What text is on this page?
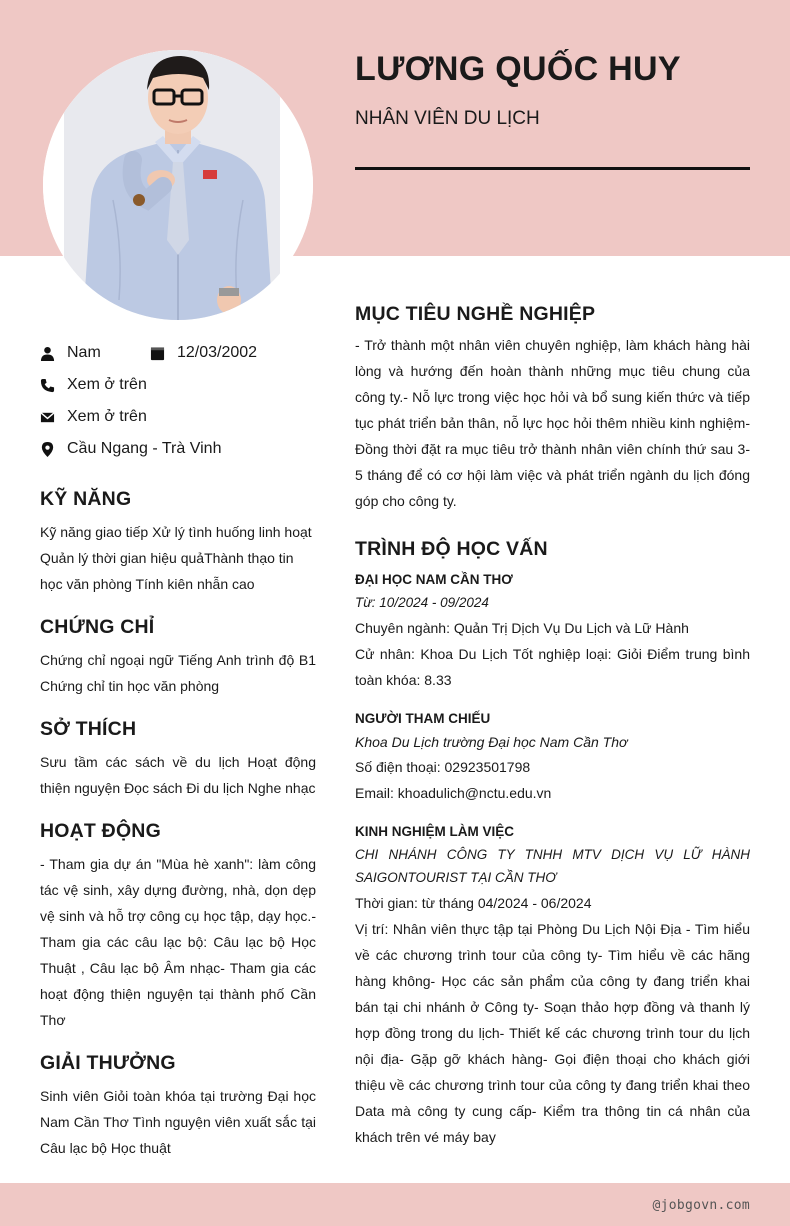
LƯƠNG QUỐC HUY
NHÂN VIÊN DU LỊCH
Nam	12/03/2002
Xem ở trên
Xem ở trên
Cầu Ngang - Trà Vinh
KỸ NĂNG
Kỹ năng giao tiếp Xử lý tình huống linh hoạt Quản lý thời gian hiệu quảThành thạo tin học văn phòng Tính kiên nhẫn cao
CHỨNG CHỈ
Chứng chỉ ngoại ngữ Tiếng Anh trình độ B1 Chứng chỉ tin học văn phòng
SỞ THÍCH
Sưu tầm các sách về du lịch Hoạt động thiện nguyện Đọc sách Đi du lịch Nghe nhạc
HOẠT ĐỘNG
- Tham gia dự án "Mùa hè xanh": làm công tác vệ sinh, xây dựng đường, nhà, dọn dẹp vệ sinh và hỗ trợ công cụ học tập, dạy học.- Tham gia các câu lạc bộ: Câu lạc bộ Học Thuật , Câu lạc bộ Âm nhạc- Tham gia các hoạt động thiện nguyện tại thành phố Cần Thơ
GIẢI THƯỞNG
Sinh viên Giỏi toàn khóa tại trường Đại học Nam Cần Thơ Tình nguyện viên xuất sắc tại Câu lạc bộ Học thuật
MỤC TIÊU NGHỀ NGHIỆP
- Trở thành một nhân viên chuyên nghiệp, làm khách hàng hài lòng và hướng đến hoàn thành những mục tiêu chung của công ty.- Nỗ lực trong việc học hỏi và bổ sung kiến thức và tiếp tục phát triển bản thân, nỗ lực học hỏi thêm nhiều kinh nghiệm- Đồng thời đặt ra mục tiêu trở thành nhân viên chính thứ sau 3-5 tháng để có cơ hội làm việc và phát triển ngành du lịch đóng góp cho công ty.
TRÌNH ĐỘ HỌC VẤN
ĐẠI HỌC NAM CẦN THƠ
Từ: 10/2024 - 09/2024
Chuyên ngành: Quản Trị Dịch Vụ Du Lịch và Lữ Hành
Cử nhân: Khoa Du Lịch Tốt nghiệp loại: Giỏi Điểm trung bình toàn khóa: 8.33
NGƯỜI THAM CHIẾU
Khoa Du Lịch trường Đại học Nam Cần Thơ
Số điện thoại: 02923501798
Email: khoadulich@nctu.edu.vn
KINH NGHIỆM LÀM VIỆC
CHI NHÁNH CÔNG TY TNHH MTV DỊCH VỤ LỮ HÀNH SAIGONTOURIST TẠI CẦN THƠ
Thời gian: từ tháng 04/2024 - 06/2024
Vị trí: Nhân viên thực tập tại Phòng Du Lịch Nội Địa - Tìm hiểu về các chương trình tour của công ty- Tìm hiểu về các hãng hàng không- Học các sản phẩm của công ty đang triển khai bán tại chi nhánh ở Công ty- Soạn thảo hợp đồng và thanh lý hợp đồng trong du lịch- Thiết kế các chương trình tour du lịch nội địa- Gặp gỡ khách hàng- Gọi điện thoại cho khách giới thiệu về các chương trình tour của công ty đang triển khai theo Data mà công ty cung cấp- Kiểm tra thông tin cá nhân của khách trên vé máy bay
@jobgovn.com
